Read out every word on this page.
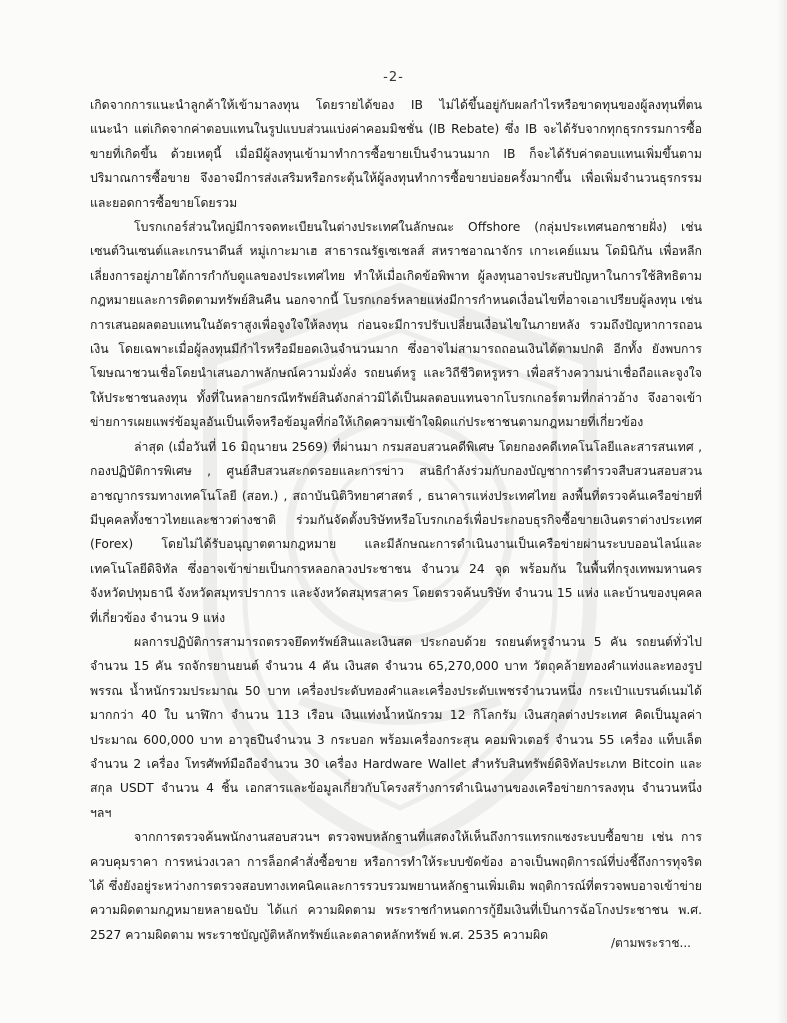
-2-

เกิดจากการแนะนำลูกค้าให้เข้ามาลงทุน โดยรายได้ของ IB ไม่ได้ขึ้นอยู่กับผลกำไรหรือขาดทุนของผู้ลงทุนที่ตนแนะนำ แต่เกิดจากค่าตอบแทนในรูปแบบส่วนแบ่งค่าคอมมิชชั่น (IB Rebate) ซึ่ง IB จะได้รับจากทุกธุรกรรมการซื้อขายที่เกิดขึ้น ด้วยเหตุนี้ เมื่อมีผู้ลงทุนเข้ามาทำการซื้อขายเป็นจำนวนมาก IB ก็จะได้รับค่าตอบแทนเพิ่มขึ้นตามปริมาณการซื้อขาย จึงอาจมีการส่งเสริมหรือกระตุ้นให้ผู้ลงทุนทำการซื้อขายบ่อยครั้งมากขึ้น เพื่อเพิ่มจำนวนธุรกรรมและยอดการซื้อขายโดยรวม

โบรกเกอร์ส่วนใหญ่มีการจดทะเบียนในต่างประเทศในลักษณะ Offshore (กลุ่มประเทศนอกชายฝั่ง) เช่น เซนต์วินเซนต์และเกรนาดีนส์ หมู่เกาะมาเฮ สาธารณรัฐเซเชลส์ สหราชอาณาจักร เกาะเคย์แมน โดมินิกัน เพื่อหลีกเลี่ยงการอยู่ภายใต้การกำกับดูแลของประเทศไทย ทำให้เมื่อเกิดข้อพิพาท ผู้ลงทุนอาจประสบปัญหาในการใช้สิทธิตามกฎหมายและการติดตามทรัพย์สินคืน นอกจากนี้ โบรกเกอร์หลายแห่งมีการกำหนดเงื่อนไขที่อาจเอาเปรียบผู้ลงทุน เช่น การเสนอผลตอบแทนในอัตราสูงเพื่อจูงใจให้ลงทุน ก่อนจะมีการปรับเปลี่ยนเงื่อนไขในภายหลัง รวมถึงปัญหาการถอนเงิน โดยเฉพาะเมื่อผู้ลงทุนมีกำไรหรือมียอดเงินจำนวนมาก ซึ่งอาจไม่สามารถถอนเงินได้ตามปกติ อีกทั้ง ยังพบการโฆษณาชวนเชื่อโดยนำเสนอภาพลักษณ์ความมั่งคั่ง รถยนต์หรู และวิถีชีวิตหรูหรา เพื่อสร้างความน่าเชื่อถือและจูงใจให้ประชาชนลงทุน ทั้งที่ในหลายกรณีทรัพย์สินดังกล่าวมิได้เป็นผลตอบแทนจากโบรกเกอร์ตามที่กล่าวอ้าง จึงอาจเข้าข่ายการเผยแพร่ข้อมูลอันเป็นเท็จหรือข้อมูลที่ก่อให้เกิดความเข้าใจผิดแก่ประชาชนตามกฎหมายที่เกี่ยวข้อง

ล่าสุด (เมื่อวันที่ 16 มิถุนายน 2569) ที่ผ่านมา กรมสอบสวนคดีพิเศษ โดยกองคดีเทคโนโลยีและสารสนเทศ , กองปฏิบัติการพิเศษ , ศูนย์สืบสวนสะกดรอยและการข่าว สนธิกำลังร่วมกับกองบัญชาการตำรวจสืบสวนสอบสวนอาชญากรรมทางเทคโนโลยี (สอท.) , สถาบันนิติวิทยาศาสตร์ , ธนาคารแห่งประเทศไทย ลงพื้นที่ตรวจค้นเครือข่ายที่มีบุคคลทั้งชาวไทยและชาวต่างชาติ ร่วมกันจัดตั้งบริษัทหรือโบรกเกอร์เพื่อประกอบธุรกิจซื้อขายเงินตราต่างประเทศ (Forex) โดยไม่ได้รับอนุญาตตามกฎหมาย และมีลักษณะการดำเนินงานเป็นเครือข่ายผ่านระบบออนไลน์และเทคโนโลยีดิจิทัล ซึ่งอาจเข้าข่ายเป็นการหลอกลวงประชาชน จำนวน 24 จุด พร้อมกัน ในพื้นที่กรุงเทพมหานคร จังหวัดปทุมธานี จังหวัดสมุทรปราการ และจังหวัดสมุทรสาคร โดยตรวจค้นบริษัท จำนวน 15 แห่ง และบ้านของบุคคลที่เกี่ยวข้อง จำนวน 9 แห่ง

ผลการปฏิบัติการสามารถตรวจยึดทรัพย์สินและเงินสด ประกอบด้วย รถยนต์หรูจำนวน 5 คัน รถยนต์ทั่วไปจำนวน 15 คัน รถจักรยานยนต์ จำนวน 4 คัน เงินสด จำนวน 65,270,000 บาท วัตถุคล้ายทองคำแท่งและทองรูปพรรณ น้ำหนักรวมประมาณ 50 บาท เครื่องประดับทองคำและเครื่องประดับเพชรจำนวนหนึ่ง กระเป๋าแบรนด์เนมได้มากกว่า 40 ใบ นาฬิกา จำนวน 113 เรือน เงินแท่งน้ำหนักรวม 12 กิโลกรัม เงินสกุลต่างประเทศ คิดเป็นมูลค่าประมาณ 600,000 บาท อาวุธปืนจำนวน 3 กระบอก พร้อมเครื่องกระสุน คอมพิวเตอร์ จำนวน 55 เครื่อง แท็บเล็ตจำนวน 2 เครื่อง โทรศัพท์มือถือจำนวน 30 เครื่อง Hardware Wallet สำหรับสินทรัพย์ดิจิทัลประเภท Bitcoin และสกุล USDT จำนวน 4 ชิ้น เอกสารและข้อมูลเกี่ยวกับโครงสร้างการดำเนินงานของเครือข่ายการลงทุน จำนวนหนึ่ง ฯลฯ

จากการตรวจค้นพนักงานสอบสวนฯ ตรวจพบหลักฐานที่แสดงให้เห็นถึงการแทรกแซงระบบซื้อขาย เช่น การควบคุมราคา การหน่วงเวลา การล็อกคำสั่งซื้อขาย หรือการทำให้ระบบขัดข้อง อาจเป็นพฤติการณ์ที่บ่งชี้ถึงการทุจริตได้ ซึ่งยังอยู่ระหว่างการตรวจสอบทางเทคนิคและการรวบรวมพยานหลักฐานเพิ่มเติม พฤติการณ์ที่ตรวจพบอาจเข้าข่ายความผิดตามกฎหมายหลายฉบับ ได้แก่ ความผิดตาม พระราชกำหนดการกู้ยืมเงินที่เป็นการฉ้อโกงประชาชน พ.ศ. 2527 ความผิดตาม พระราชบัญญัติหลักทรัพย์และตลาดหลักทรัพย์ พ.ศ. 2535 ความผิด

/ตามพระราช...
